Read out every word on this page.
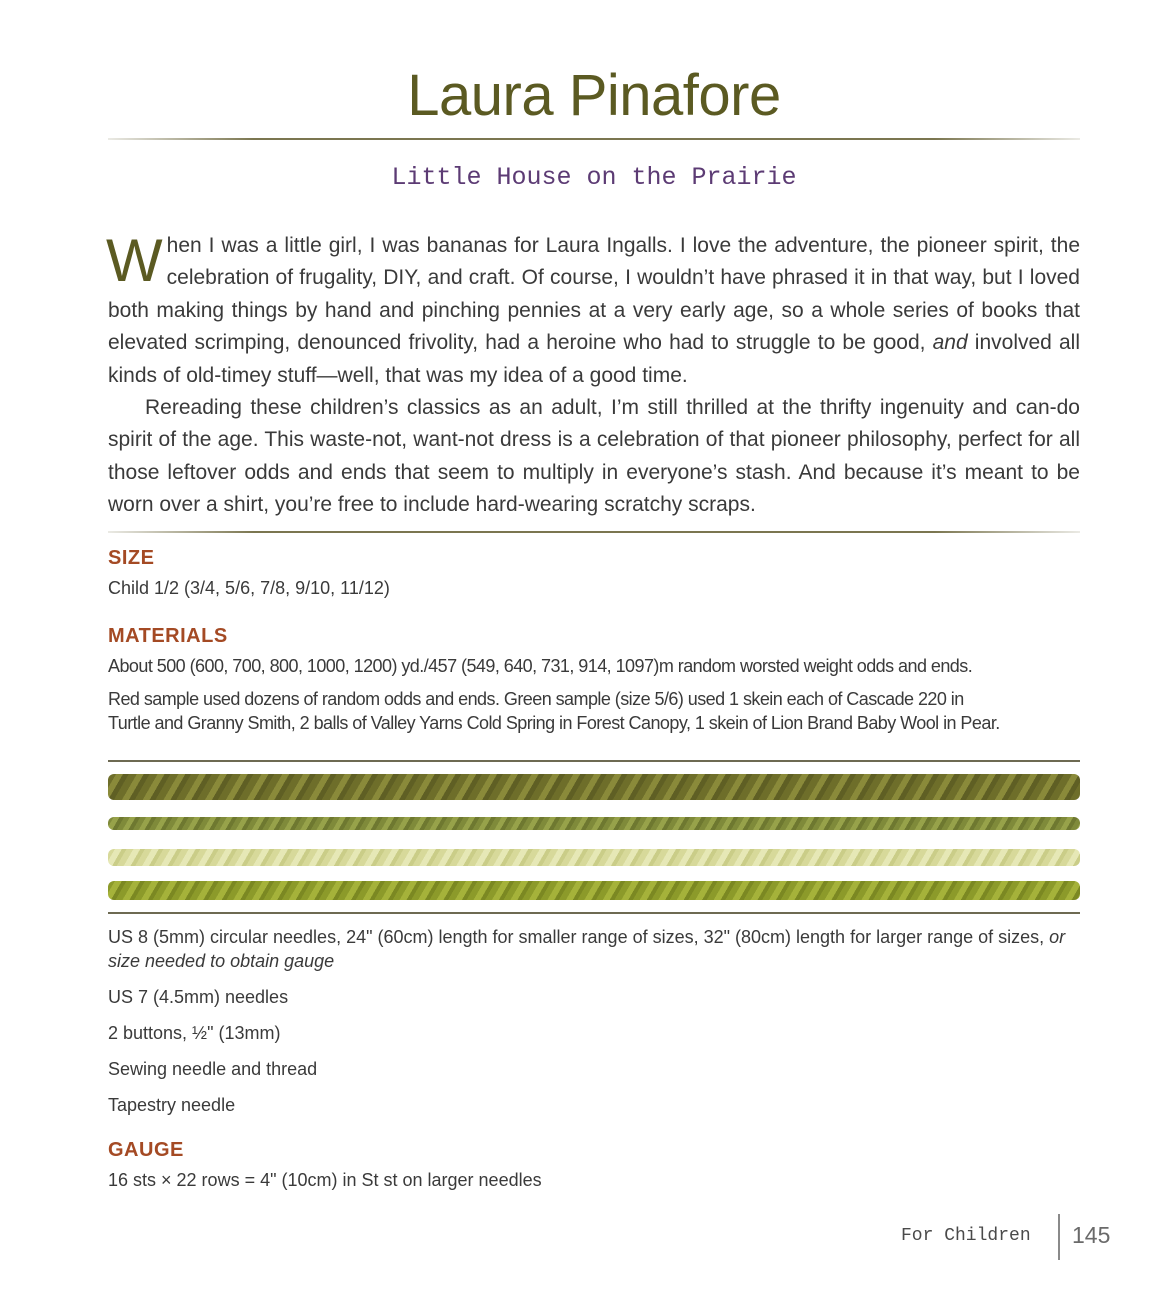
Laura Pinafore
Little House on the Prairie

When I was a little girl, I was bananas for Laura Ingalls. I love the adventure, the pioneer spirit, the celebration of frugality, DIY, and craft. Of course, I wouldn’t have phrased it in that way, but I loved both making things by hand and pinching pennies at a very early age, so a whole series of books that elevated scrimping, denounced frivolity, had a heroine who had to struggle to be good, and involved all kinds of old-timey stuff—well, that was my idea of a good time.

Rereading these children’s classics as an adult, I’m still thrilled at the thrifty ingenuity and can-do spirit of the age. This waste-not, want-not dress is a celebration of that pioneer philosophy, perfect for all those leftover odds and ends that seem to multiply in everyone’s stash. And because it’s meant to be worn over a shirt, you’re free to include hard-wearing scratchy scraps.

SIZE

Child 1/2 (3/4, 5/6, 7/8, 9/10, 11/12)

MATERIALS

About 500 (600, 700, 800, 1000, 1200) yd./457 (549, 640, 731, 914, 1097)m random worsted weight odds and ends.

Red sample used dozens of random odds and ends. Green sample (size 5/6) used 1 skein each of Cascade 220 in

Turtle and Granny Smith, 2 balls of Valley Yarns Cold Spring in Forest Canopy, 1 skein of Lion Brand Baby Wool in Pear.

US 8 (5mm) circular needles, 24" (60cm) length for smaller range of sizes, 32" (80cm) length for larger range of sizes, or size needed to obtain gauge

US 7 (4.5mm) needles

2 buttons, ½" (13mm)

Sewing needle and thread

Tapestry needle

GAUGE

16 sts × 22 rows = 4" (10cm) in St st on larger needles

For Children 145
